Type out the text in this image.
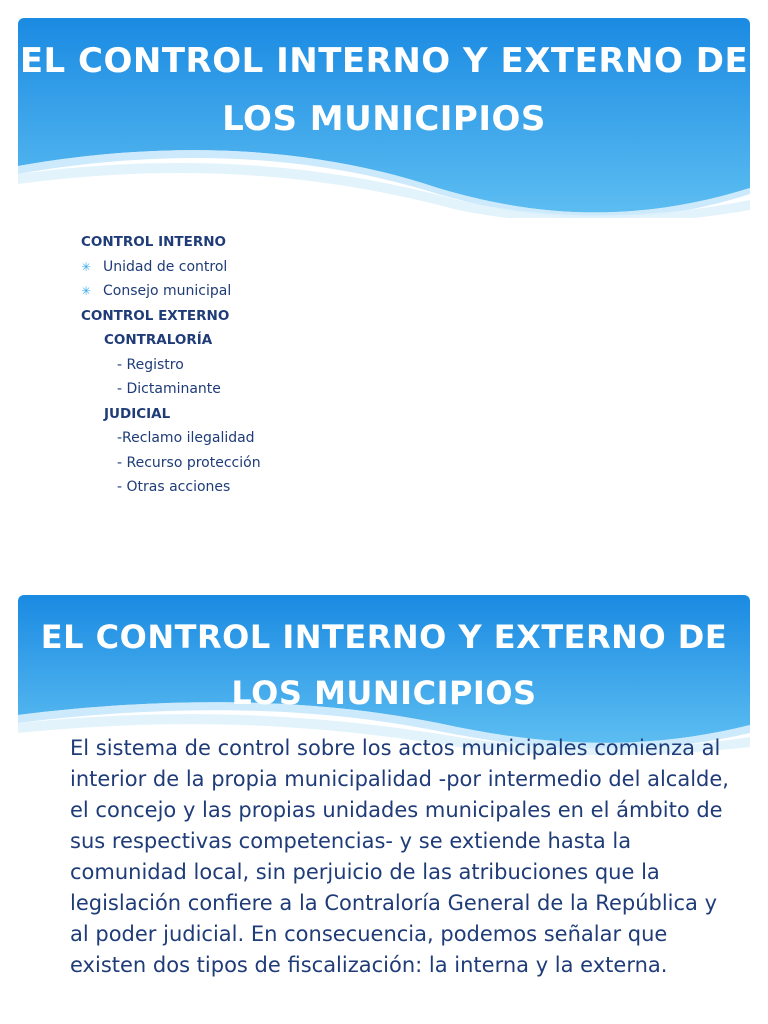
EL CONTROL INTERNO Y EXTERNO DE LOS MUNICIPIOS
CONTROL INTERNO
✳ Unidad de control
✳ Consejo municipal
CONTROL EXTERNO
CONTRALORÍA
- Registro
- Dictaminante
JUDICIAL
-Reclamo ilegalidad
- Recurso protección
- Otras acciones
EL CONTROL INTERNO Y EXTERNO DE LOS MUNICIPIOS

El sistema de control sobre los actos municipales comienza al interior de la propia municipalidad -por intermedio del alcalde, el concejo y las propias unidades municipales en el ámbito de sus respectivas competencias- y se extiende hasta la comunidad local, sin perjuicio de las atribuciones que la legislación confiere a la Contraloría General de la República y al poder judicial. En consecuencia, podemos señalar que existen dos tipos de fiscalización: la interna y la externa.
